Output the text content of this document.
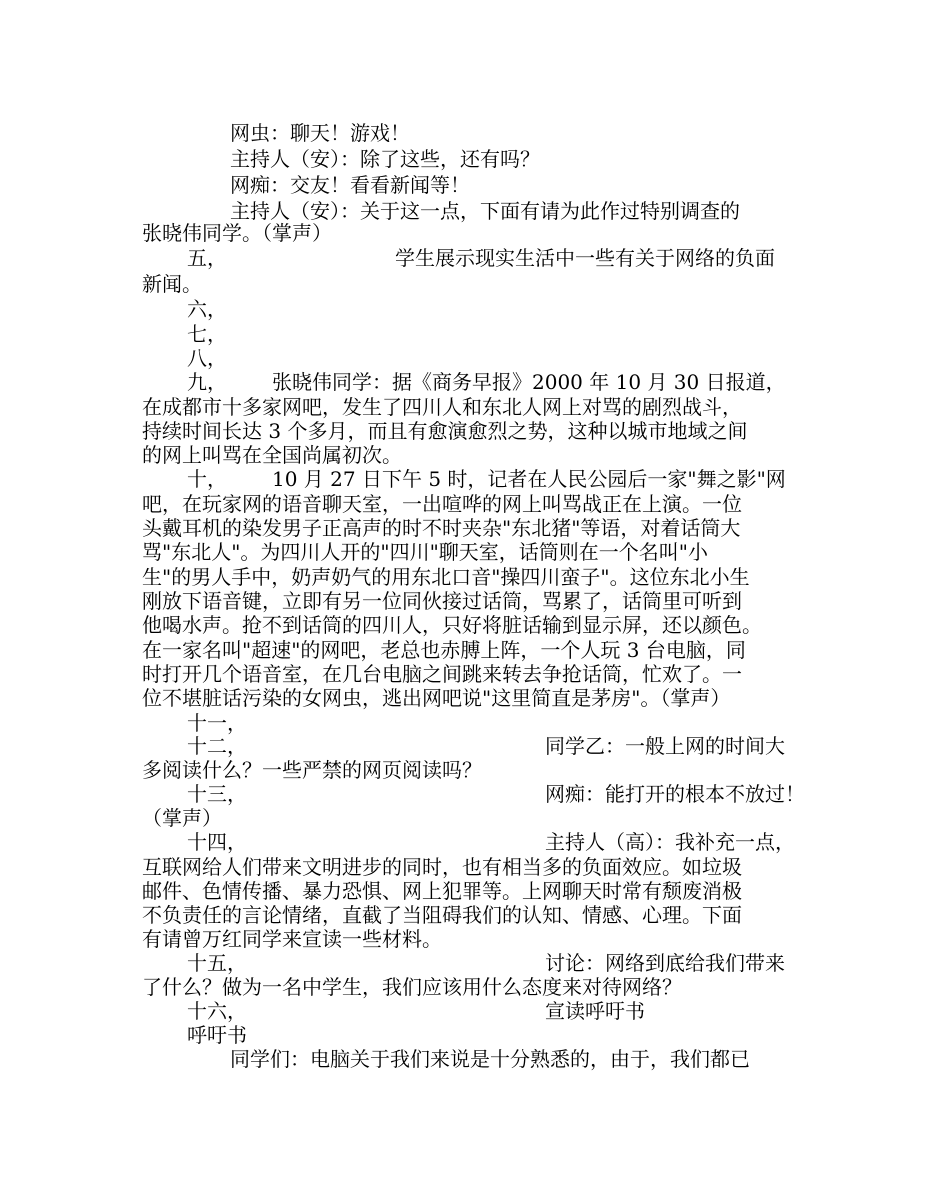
网虫：聊天！游戏！
主持人（安）：除了这些，还有吗？
网痴：交友！看看新闻等！
主持人（安）：关于这一点，下面有请为此作过特别调查的
张晓伟同学。（掌声）
五，	学生展示现实生活中一些有关于网络的负面
新闻。
六，
七，
八，
九， 张晓伟同学：据《商务早报》2000 年 10 月 30 日报道，
在成都市十多家网吧，发生了四川人和东北人网上对骂的剧烈战斗，
持续时间长达 3 个多月，而且有愈演愈烈之势，这种以城市地域之间
的网上叫骂在全国尚属初次。
十， 10 月 27 日下午 5 时，记者在人民公园后一家"舞之影"网
吧，在玩家网的语音聊天室，一出喧哗的网上叫骂战正在上演。一位
头戴耳机的染发男子正高声的时不时夹杂"东北猪"等语，对着话筒大
骂"东北人"。为四川人开的"四川"聊天室，话筒则在一个名叫"小
生"的男人手中，奶声奶气的用东北口音"操四川蛮子"。这位东北小生
刚放下语音键，立即有另一位同伙接过话筒，骂累了，话筒里可听到
他喝水声。抢不到话筒的四川人，只好将脏话输到显示屏，还以颜色。
在一家名叫"超速"的网吧，老总也赤膊上阵，一个人玩 3 台电脑，同
时打开几个语音室，在几台电脑之间跳来转去争抢话筒，忙欢了。一
位不堪脏话污染的女网虫，逃出网吧说"这里简直是茅房"。（掌声）
十一，
十二，	同学乙：一般上网的时间大
多阅读什么？一些严禁的网页阅读吗？
十三，	网痴：能打开的根本不放过！
（掌声）
十四，	主持人（高）：我补充一点，
互联网给人们带来文明进步的同时，也有相当多的负面效应。如垃圾
邮件、色情传播、暴力恐惧、网上犯罪等。上网聊天时常有颓废消极
不负责任的言论情绪，直截了当阻碍我们的认知、情感、心理。下面
有请曾万红同学来宣读一些材料。
十五，	讨论：网络到底给我们带来
了什么？做为一名中学生，我们应该用什么态度来对待网络？
十六，	宣读呼吁书
呼吁书
同学们：电脑关于我们来说是十分熟悉的，由于，我们都已
